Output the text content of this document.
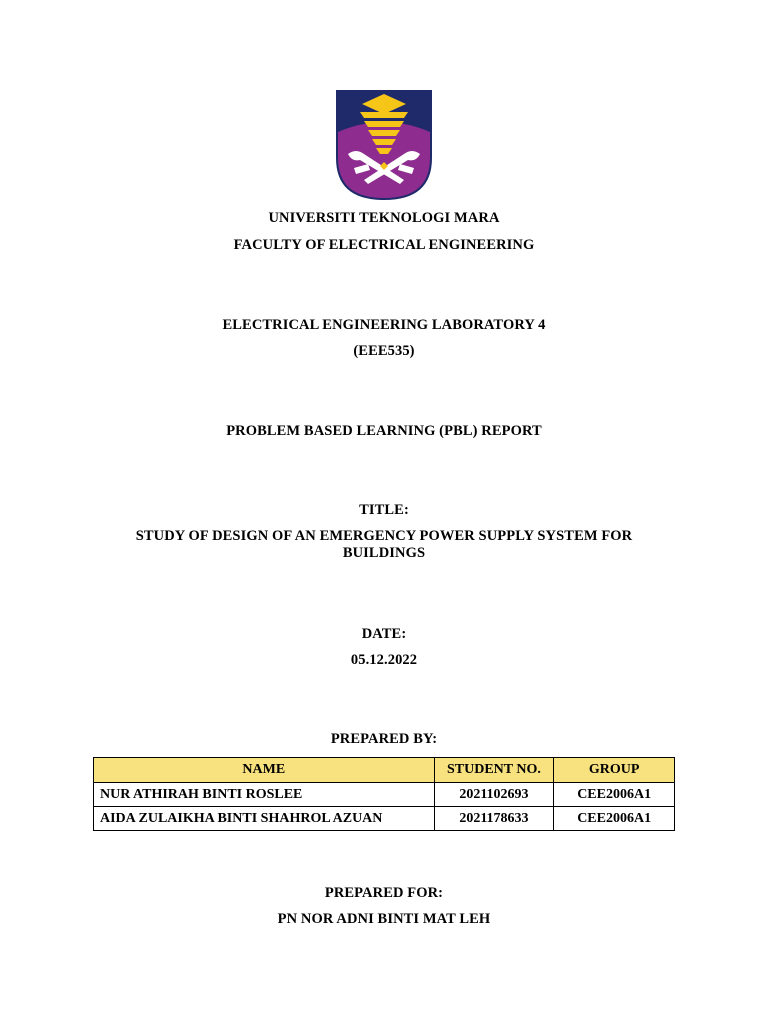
UNIVERSITI TEKNOLOGI MARA
FACULTY OF ELECTRICAL ENGINEERING
ELECTRICAL ENGINEERING LABORATORY 4
(EEE535)
PROBLEM BASED LEARNING (PBL) REPORT
TITLE:
STUDY OF DESIGN OF AN EMERGENCY POWER SUPPLY SYSTEM FOR
BUILDINGS
DATE:
05.12.2022
PREPARED BY:
NAME	STUDENT NO.	GROUP
NUR ATHIRAH BINTI ROSLEE	2021102693	CEE2006A1
AIDA ZULAIKHA BINTI SHAHROL AZUAN	2021178633	CEE2006A1
PREPARED FOR:
PN NOR ADNI BINTI MAT LEH
